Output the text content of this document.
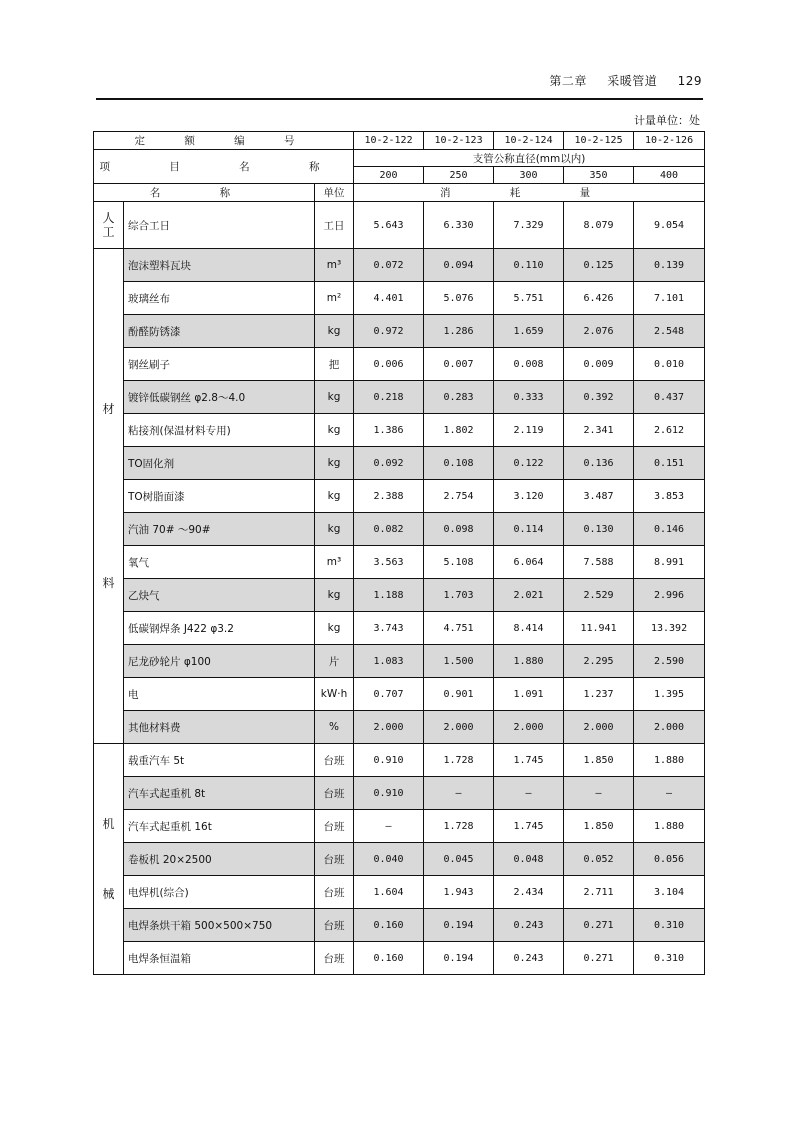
第二章 采暖管道 129
计量单位：处
定 额 编 号			10-2-122	10-2-123	10-2-124	10-2-125	10-2-126
项 目 名 称			支管公称直径(mm以内)				
			200	250	300	350	400
名 称		单位	消 耗 量				
人
工	综合工日	工日	5.643	6.330	7.329	8.079	9.054
材
料	泡沫塑料瓦块	m³	0.072	0.094	0.110	0.125	0.139
	玻璃丝布	m²	4.401	5.076	5.751	6.426	7.101
	酚醛防锈漆	kg	0.972	1.286	1.659	2.076	2.548
	钢丝刷子	把	0.006	0.007	0.008	0.009	0.010
	镀锌低碳钢丝 φ2.8～4.0	kg	0.218	0.283	0.333	0.392	0.437
	粘接剂(保温材料专用)	kg	1.386	1.802	2.119	2.341	2.612
	TO固化剂	kg	0.092	0.108	0.122	0.136	0.151
	TO树脂面漆	kg	2.388	2.754	3.120	3.487	3.853
	汽油 70# ～90#	kg	0.082	0.098	0.114	0.130	0.146
	氧气	m³	3.563	5.108	6.064	7.588	8.991
	乙炔气	kg	1.188	1.703	2.021	2.529	2.996
	低碳钢焊条 J422 φ3.2	kg	3.743	4.751	8.414	11.941	13.392
	尼龙砂轮片 φ100	片	1.083	1.500	1.880	2.295	2.590
	电	kW·h	0.707	0.901	1.091	1.237	1.395
	其他材料费	%	2.000	2.000	2.000	2.000	2.000
机
械	载重汽车 5t	台班	0.910	1.728	1.745	1.850	1.880
	汽车式起重机 8t	台班	0.910	—	—	—	—
	汽车式起重机 16t	台班	—	1.728	1.745	1.850	1.880
	卷板机 20×2500	台班	0.040	0.045	0.048	0.052	0.056
	电焊机(综合)	台班	1.604	1.943	2.434	2.711	3.104
	电焊条烘干箱 500×500×750	台班	0.160	0.194	0.243	0.271	0.310
	电焊条恒温箱	台班	0.160	0.194	0.243	0.271	0.310
